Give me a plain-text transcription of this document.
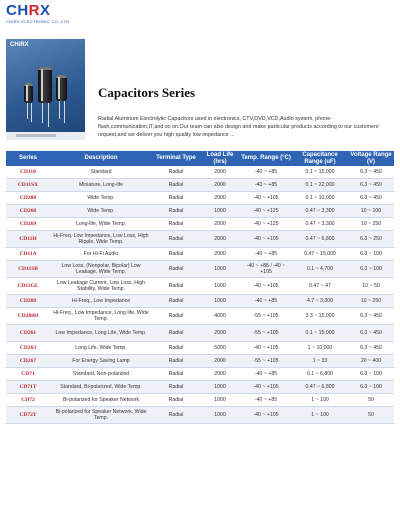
CHRX
CHIRX ELECTRONIC CO.,LTD
CHiRX
Capacitors Series
Radial Aluminum Electrolytic Capacitors used in electronics, CTV,DVD,VCD,Audio system, phone-flash,communication,IT,and so on.Our team can also design and make particular products according to our customers' request,and we deliver you high quality low impedance ...
Series	Description	Terminal Type	Load Life (hrs)	Temp. Range (°C)	Capacitance Range (uF)	Voltage Range (V)
CD110	Standard	Radial	2000	-40 ~ +85	0.1 ~ 15,000	6.3 ~ 450
CD11SX	Miniature, Long-life	Radial	2000	-40 ~ +85	0.1 ~ 22,000	6.3 ~ 450
CD288	Wide Temp.	Radial	2000	-40 ~ +105	0.1 ~ 10,000	6.3 ~ 450
CD268	Wide Temp.	Radial	1000	-40 ~ +125	0.47 ~ 3,300	10 ~ 100
CD269	Long-life, Wide Temp.	Radial	2000	-40 ~ +125	0.47 ~ 3,300	10 ~ 250
CD11H	Hi-Freq. Low Impedance, Low Loss, High Ripple, Wide Temp.	Radial	2000	-40 ~ +105	0.47 ~ 6,800	6.3 ~ 250
CD11A	For Hi-Fi Audio	Radial	2000	-40 ~ +85	0.47 ~ 15,000	6.3 ~ 100
CD11SB	Low Loss, (Nonpolar, Bipolar) Low Leakage, Wide Temp.	Radial	1000	-40 ~ +85 / -40 ~ +105	0.1 ~ 4,700	6.3 ~ 100
CD11GL	Low Leakage Current, Low Loss, High Stability, Wide Temp.	Radial	1000	-40 ~ +105	0.47 ~ 47	10 ~ 50
CD288	Hi-Freq., Low Impedance	Radial	1000	-40 ~ +85	4.7 ~ 3,300	10 ~ 250
CD288H	Hi-Freq., Low Impedance, Long life, Wide Temp.	Radial	4000	-55 ~ +105	3.3 ~ 15,000	6.3 ~ 450
CD261	Low Impedance, Long Life, Wide Temp.	Radial	2000	-55 ~ +105	0.1 ~ 15,000	6.3 ~ 450
CD263	Long Life, Wide Temp.	Radial	5000	-40 ~ +105	1 ~ 10,000	6.3 ~ 450
CD267	For Energy Saving Lamp	Radial	2000	-55 ~ +105	1 ~ 33	20 ~ 400
CD71	Standard, Non-polarized	Radial	2000	-40 ~ +85	0.1 ~ 6,800	6.3 ~ 100
CD71T	Standard, Bi-polarized, Wide Temp.	Radial	1000	-40 ~ +105	0.47 ~ 6,800	6.3 ~ 100
CD72	Bi-polarized for Speaker Network	Radial	1000	-40 ~ +85	1 ~ 100	50
CD72T	Bi-polarized for Speaker Network, Wide Temp.	Radial	1000	-40 ~ +105	1 ~ 100	50
